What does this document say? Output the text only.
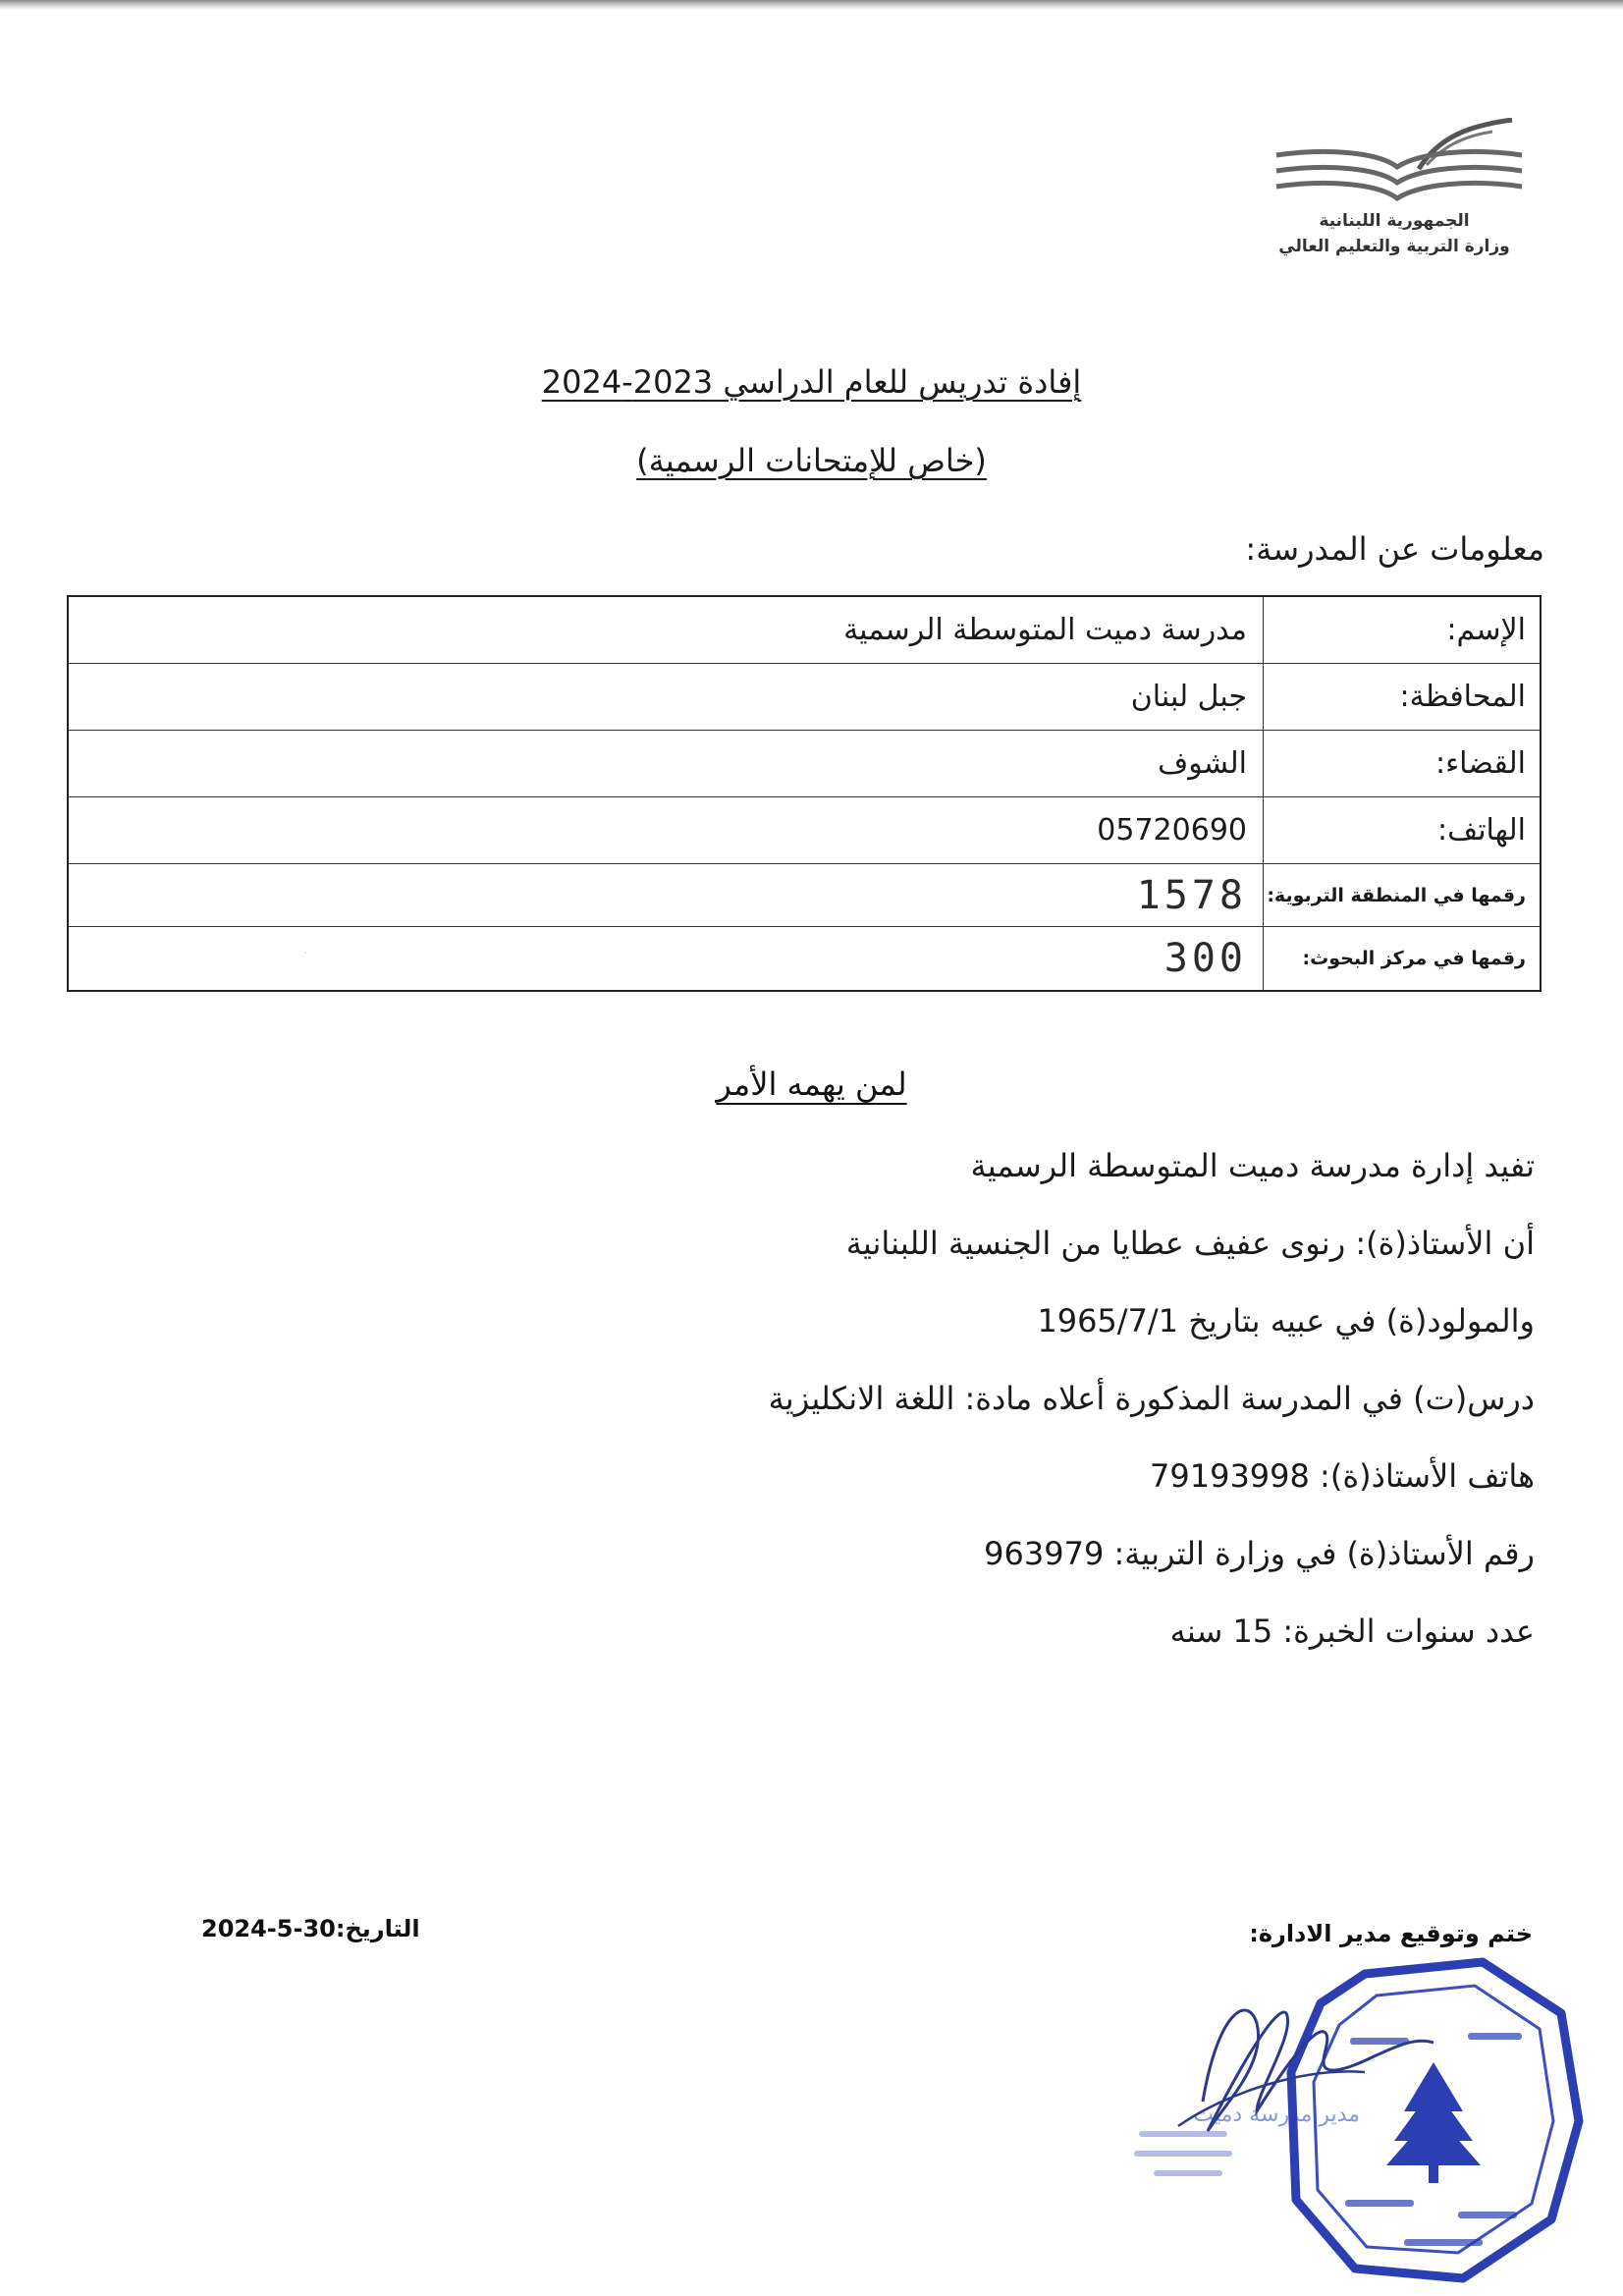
الجمهورية اللبنانية
وزارة التربية والتعليم العالي
إفادة تدريس للعام الدراسي 2023-2024
(خاص للإمتحانات الرسمية)
معلومات عن المدرسة:
الإسم:
مدرسة دميت المتوسطة الرسمية
المحافظة:
جبل لبنان
القضاء:
الشوف
الهاتف:
05720690
رقمها في المنطقة التربوية:
1578
رقمها في مركز البحوث:
300
لمن يهمه الأمر
تفيد إدارة مدرسة دميت المتوسطة الرسمية
أن الأستاذ(ة): رنوى عفيف عطايا من الجنسية اللبنانية
والمولود(ة) في عبيه بتاريخ 1965/7/1
درس(ت) في المدرسة المذكورة أعلاه مادة: اللغة الانكليزية
هاتف الأستاذ(ة): 79193998
رقم الأستاذ(ة) في وزارة التربية: 963979
عدد سنوات الخبرة: 15 سنه
ختم وتوقيع مدير الادارة:
التاريخ:30-5-2024
مدير مدرسة دميت
·
